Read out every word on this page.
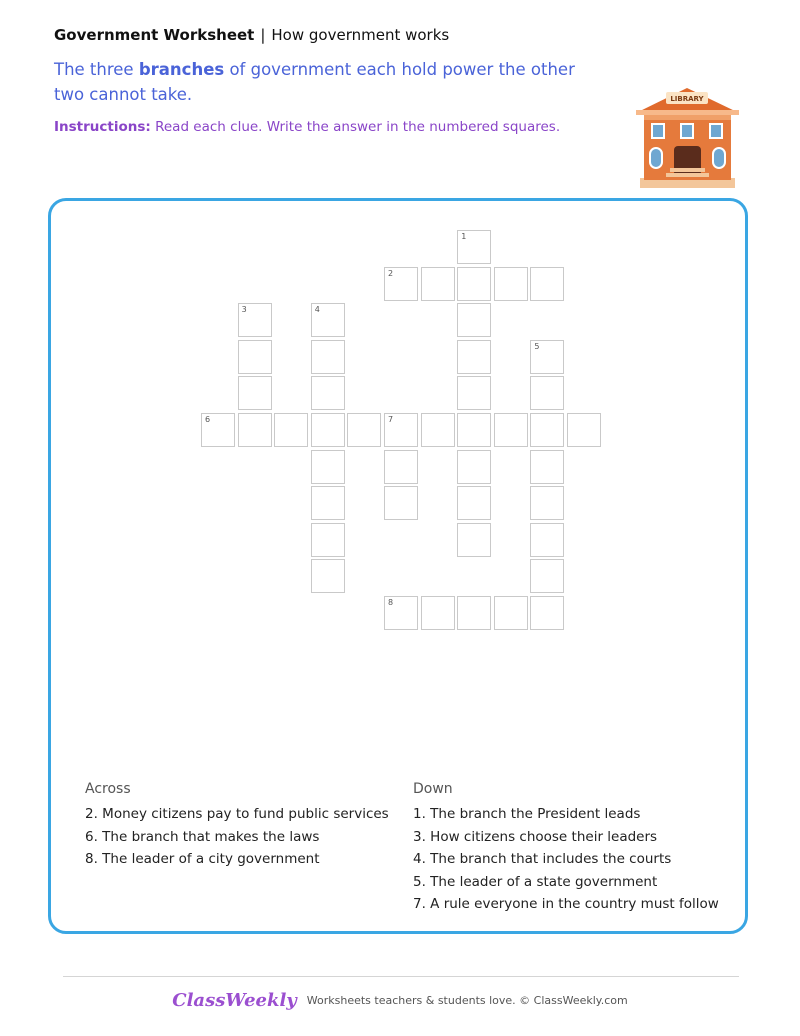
Government Worksheet | How government works
The three branches of government each hold power the other two cannot take.
Instructions: Read each clue. Write the answer in the numbered squares.
LIBRARY
1
2
3	4
5
6	7
8
Across
2. Money citizens pay to fund public services
6. The branch that makes the laws
8. The leader of a city government
Down
1. The branch the President leads
3. How citizens choose their leaders
4. The branch that includes the courts
5. The leader of a state government
7. A rule everyone in the country must follow
ClassWeekly Worksheets teachers & students love. © ClassWeekly.com
